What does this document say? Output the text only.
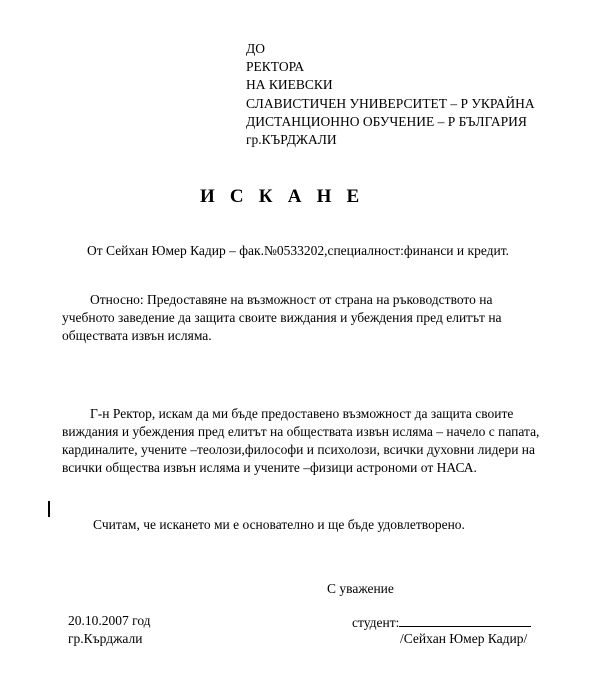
ДО
РЕКТОРА
НА КИЕВСКИ
СЛАВИСТИЧЕН УНИВЕРСИТЕТ – Р УКРАЙНА
ДИСТАНЦИОННО ОБУЧЕНИЕ – Р БЪЛГАРИЯ
гр.КЪРДЖАЛИ
И С К А Н Е
От Сейхан Юмер Кадир – фак.№0533202,специалност:финанси и кредит.
Относно: Предоставяне на възможност от страна на ръководството на
учебното заведение да защита своите виждания и убеждения пред елитът на
обществата извън исляма.
Г-н Ректор, искам да ми бъде предоставено възможност да защита своите
виждания и убеждения пред елитът на обществата извън исляма – начело с папата,
кардиналите, учените –теолози,философи и психолози, всички духовни лидери на
всички общества извън исляма и учените –физици астрономи от НАСА.
Считам, че искането ми е основателно и ще бъде удовлетворено.
С уважение
20.10.2007 год
гр.Кърджали
студент:
/Сейхан Юмер Кадир/
